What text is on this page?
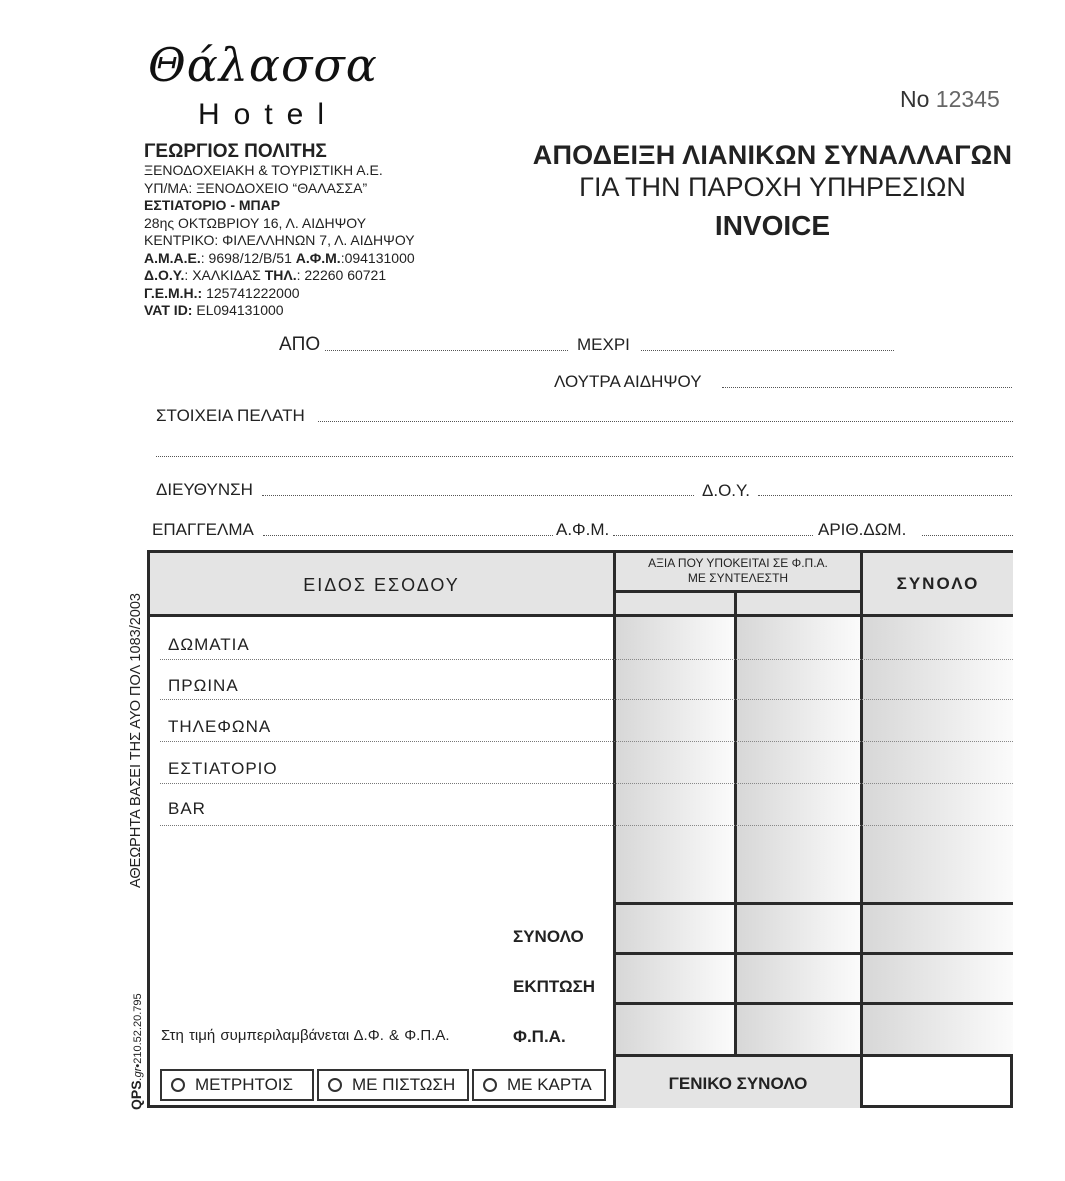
Θάλασσα
Hotel	No 12345
ΓΕΩΡΓΙΟΣ ΠΟΛΙΤΗΣ
ΞΕΝΟΔΟΧΕΙΑΚΗ & ΤΟΥΡΙΣΤΙΚΗ Α.Ε.
ΥΠ/ΜΑ: ΞΕΝΟΔΟΧΕΙΟ “ΘΑΛΑΣΣΑ”
ΕΣΤΙΑΤΟΡΙΟ - ΜΠΑΡ
28ης ΟΚΤΩΒΡΙΟΥ 16, Λ. ΑΙΔΗΨΟΥ
ΚΕΝΤΡΙΚΟ: ΦΙΛΕΛΛΗΝΩΝ 7, Λ. ΑΙΔΗΨΟΥ
Α.Μ.Α.Ε.: 9698/12/Β/51 Α.Φ.Μ.:094131000
Δ.Ο.Υ.: ΧΑΛΚΙΔΑΣ ΤΗΛ.: 22260 60721
Γ.Ε.Μ.Η.: 125741222000
VAT ID: EL094131000
ΑΠΟΔΕΙΞΗ ΛΙΑΝΙΚΩΝ ΣΥΝΑΛΛΑΓΩΝ
ΓΙΑ ΤΗΝ ΠΑΡΟΧΗ ΥΠΗΡΕΣΙΩΝ
INVOICE
ΑΠΟ	ΜΕΧΡΙ
ΛΟΥΤΡΑ ΑΙΔΗΨΟΥ
ΣΤΟΙΧΕΙΑ ΠΕΛΑΤΗ
ΔΙΕΥΘΥΝΣΗ	Δ.Ο.Υ.
ΕΠΑΓΓΕΛΜΑ	Α.Φ.Μ.	ΑΡΙΘ.ΔΩΜ.
ΑΘΕΩΡΗΤΑ ΒΑΣΕΙ ΤΗΣ ΑΥΟ ΠΟΛ 1083/2003
QPS.gr•210.52.20.795
ΕΙΔΟΣ ΕΣΟΔΟΥ
ΑΞΙΑ ΠΟΥ ΥΠΟΚΕΙΤΑΙ ΣΕ Φ.Π.Α.
ΜΕ ΣΥΝΤΕΛΕΣΤΗ	ΣΥΝΟΛΟ
ΔΩΜΑΤΙΑ
ΠΡΩΙΝΑ
ΤΗΛΕΦΩΝΑ
ΕΣΤΙΑΤΟΡΙΟ
BAR
ΣΥΝΟΛΟ
ΕΚΠΤΩΣΗ
Φ.Π.Α.
Στη τιμή συμπεριλαμβάνεται Δ.Φ. & Φ.Π.Α.
ΓΕΝΙΚΟ ΣΥΝΟΛΟ
ΜΕΤΡΗΤΟΙΣ	ΜΕ ΠΙΣΤΩΣΗ	ΜΕ ΚΑΡΤΑ
